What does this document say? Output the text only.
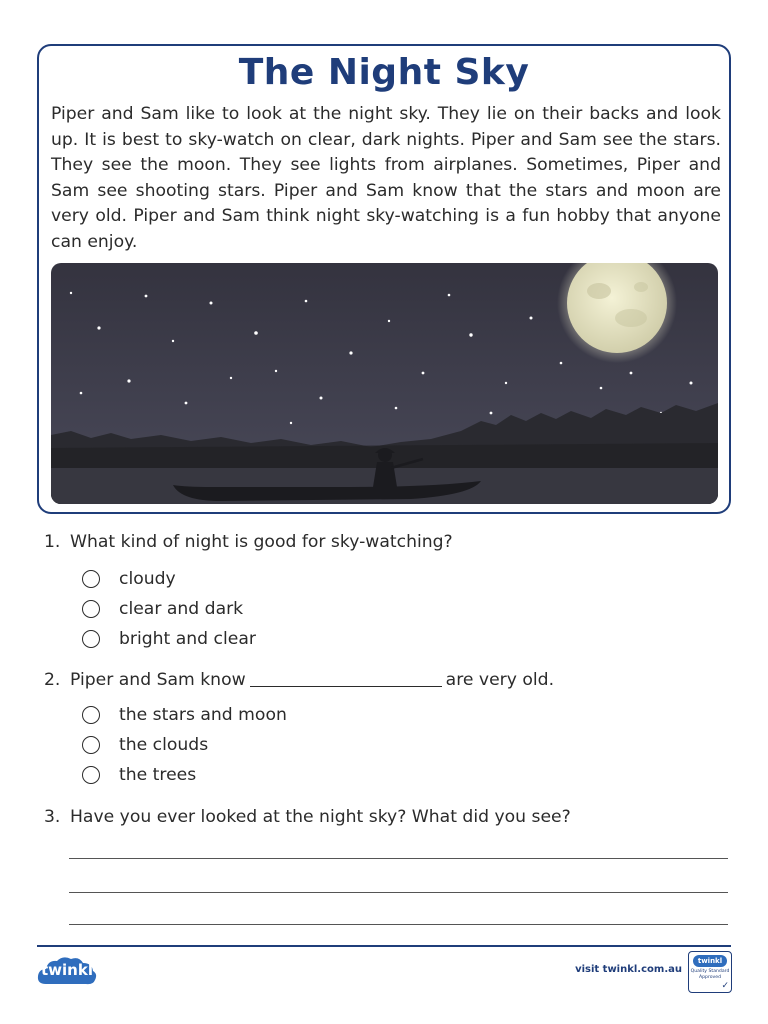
The Night Sky

Piper and Sam like to look at the night sky. They lie on their backs and look up. It is best to sky-watch on clear, dark nights. Piper and Sam see the stars. They see the moon. They see lights from airplanes. Sometimes, Piper and Sam see shooting stars. Piper and Sam know that the stars and moon are very old. Piper and Sam think night sky-watching is a fun hobby that anyone can enjoy.

1. What kind of night is good for sky-watching?
cloudy
clear and dark
bright and clear
2. Piper and Sam know	are very old.
the stars and moon
the clouds
the trees
3. Have you ever looked at the night sky? What did you see?
twinkl	visit twinkl.com.au
twinkl
Quality Standard Approved
✓
